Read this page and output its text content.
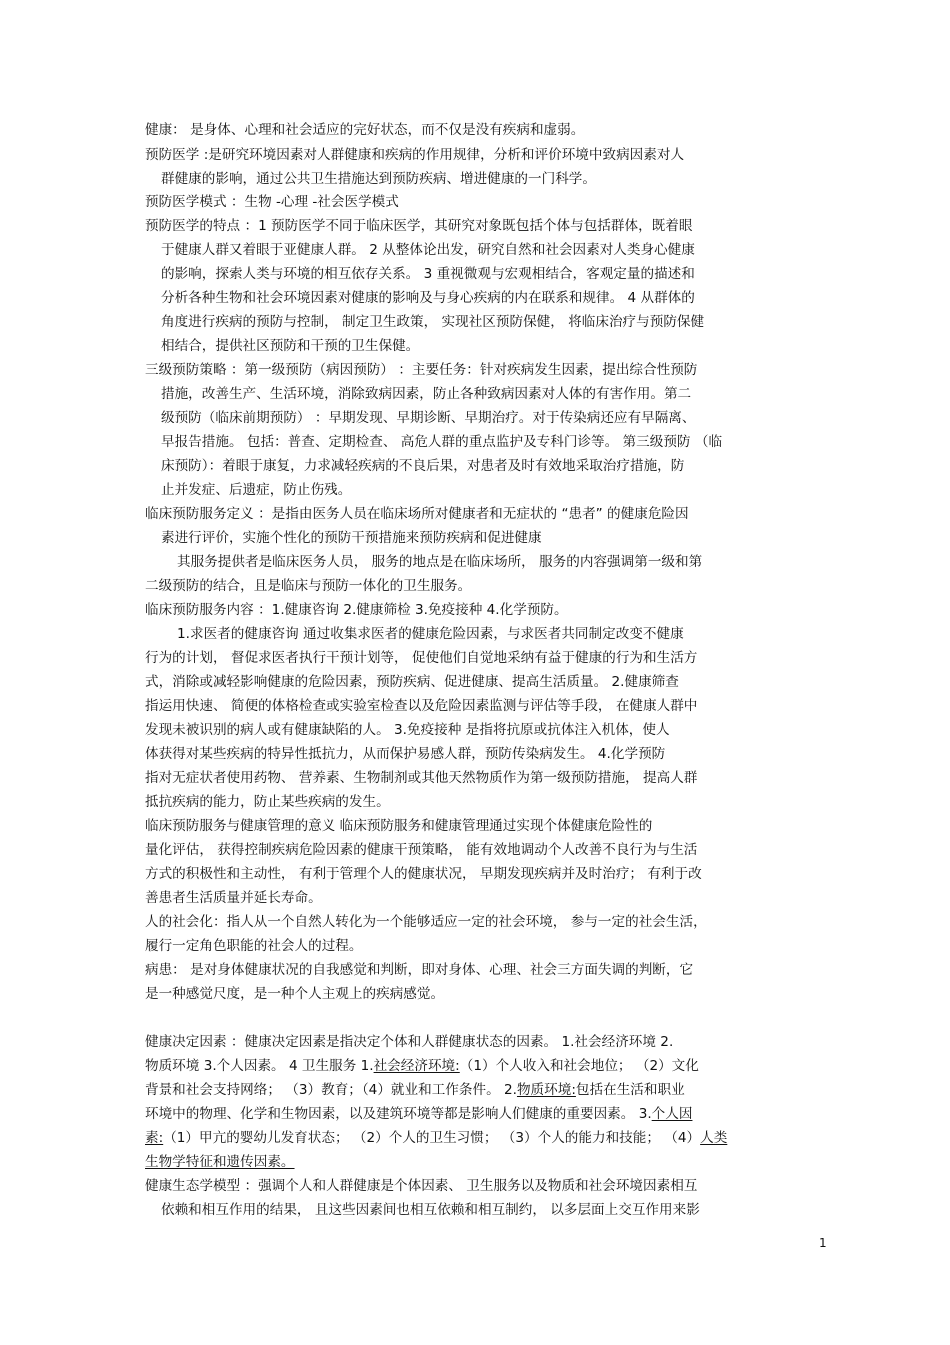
健康： 是身体、心理和社会适应的完好状态，而不仅是没有疾病和虚弱。
预防医学 :是研究环境因素对人群健康和疾病的作用规律，分析和评价环境中致病因素对人
群健康的影响，通过公共卫生措施达到预防疾病、增进健康的一门科学。
预防医学模式 ：生物 -心理 -社会医学模式
预防医学的特点 ：1 预防医学不同于临床医学，其研究对象既包括个体与包括群体，既着眼
于健康人群又着眼于亚健康人群。 2 从整体论出发，研究自然和社会因素对人类身心健康
的影响，探索人类与环境的相互依存关系。 3 重视微观与宏观相结合，客观定量的描述和
分析各种生物和社会环境因素对健康的影响及与身心疾病的内在联系和规律。 4 从群体的
角度进行疾病的预防与控制， 制定卫生政策， 实现社区预防保健， 将临床治疗与预防保健
相结合，提供社区预防和干预的卫生保健。
三级预防策略 ：第一级预防（病因预防） ：主要任务：针对疾病发生因素，提出综合性预防
措施，改善生产、生活环境，消除致病因素，防止各种致病因素对人体的有害作用。第二
级预防（临床前期预防） ：早期发现、早期诊断、早期治疗。对于传染病还应有早隔离、
早报告措施。 包括：普查、定期检查、 高危人群的重点监护及专科门诊等。 第三级预防 （临
床预防）：着眼于康复，力求减轻疾病的不良后果，对患者及时有效地采取治疗措施，防
止并发症、后遗症，防止伤残。
临床预防服务定义 ：是指由医务人员在临床场所对健康者和无症状的 “患者” 的健康危险因
素进行评价，实施个性化的预防干预措施来预防疾病和促进健康
其服务提供者是临床医务人员， 服务的地点是在临床场所， 服务的内容强调第一级和第
二级预防的结合，且是临床与预防一体化的卫生服务。
临床预防服务内容 ：1.健康咨询 2.健康筛检 3.免疫接种 4.化学预防。
1.求医者的健康咨询 通过收集求医者的健康危险因素，与求医者共同制定改变不健康
行为的计划， 督促求医者执行干预计划等， 促使他们自觉地采纳有益于健康的行为和生活方
式，消除或减轻影响健康的危险因素，预防疾病、促进健康、提高生活质量。 2.健康筛查
指运用快速、 简便的体格检查或实验室检查以及危险因素监测与评估等手段， 在健康人群中
发现未被识别的病人或有健康缺陷的人。 3.免疫接种 是指将抗原或抗体注入机体，使人
体获得对某些疾病的特异性抵抗力，从而保护易感人群，预防传染病发生。 4.化学预防
指对无症状者使用药物、 营养素、生物制剂或其他天然物质作为第一级预防措施， 提高人群
抵抗疾病的能力，防止某些疾病的发生。
临床预防服务与健康管理的意义 临床预防服务和健康管理通过实现个体健康危险性的
量化评估， 获得控制疾病危险因素的健康干预策略， 能有效地调动个人改善不良行为与生活
方式的积极性和主动性， 有利于管理个人的健康状况， 早期发现疾病并及时治疗； 有利于改
善患者生活质量并延长寿命。
人的社会化：指人从一个自然人转化为一个能够适应一定的社会环境， 参与一定的社会生活，
履行一定角色职能的社会人的过程。
病患： 是对身体健康状况的自我感觉和判断，即对身体、心理、社会三方面失调的判断，它
是一种感觉尺度，是一种个人主观上的疾病感觉。
健康决定因素 ：健康决定因素是指决定个体和人群健康状态的因素。 1.社会经济环境 2.
物质环境 3.个人因素。 4 卫生服务 1.社会经济环境:（1）个人收入和社会地位； （2）文化
背景和社会支持网络； （3）教育；（4）就业和工作条件。 2.物质环境:包括在生活和职业
环境中的物理、化学和生物因素，以及建筑环境等都是影响人们健康的重要因素。 3.个人因
素:（1）甲亢的婴幼儿发育状态； （2）个人的卫生习惯； （3）个人的能力和技能； （4）人类
生物学特征和遗传因素。
健康生态学模型 ：强调个人和人群健康是个体因素、 卫生服务以及物质和社会环境因素相互
依赖和相互作用的结果， 且这些因素间也相互依赖和相互制约， 以多层面上交互作用来影
1
